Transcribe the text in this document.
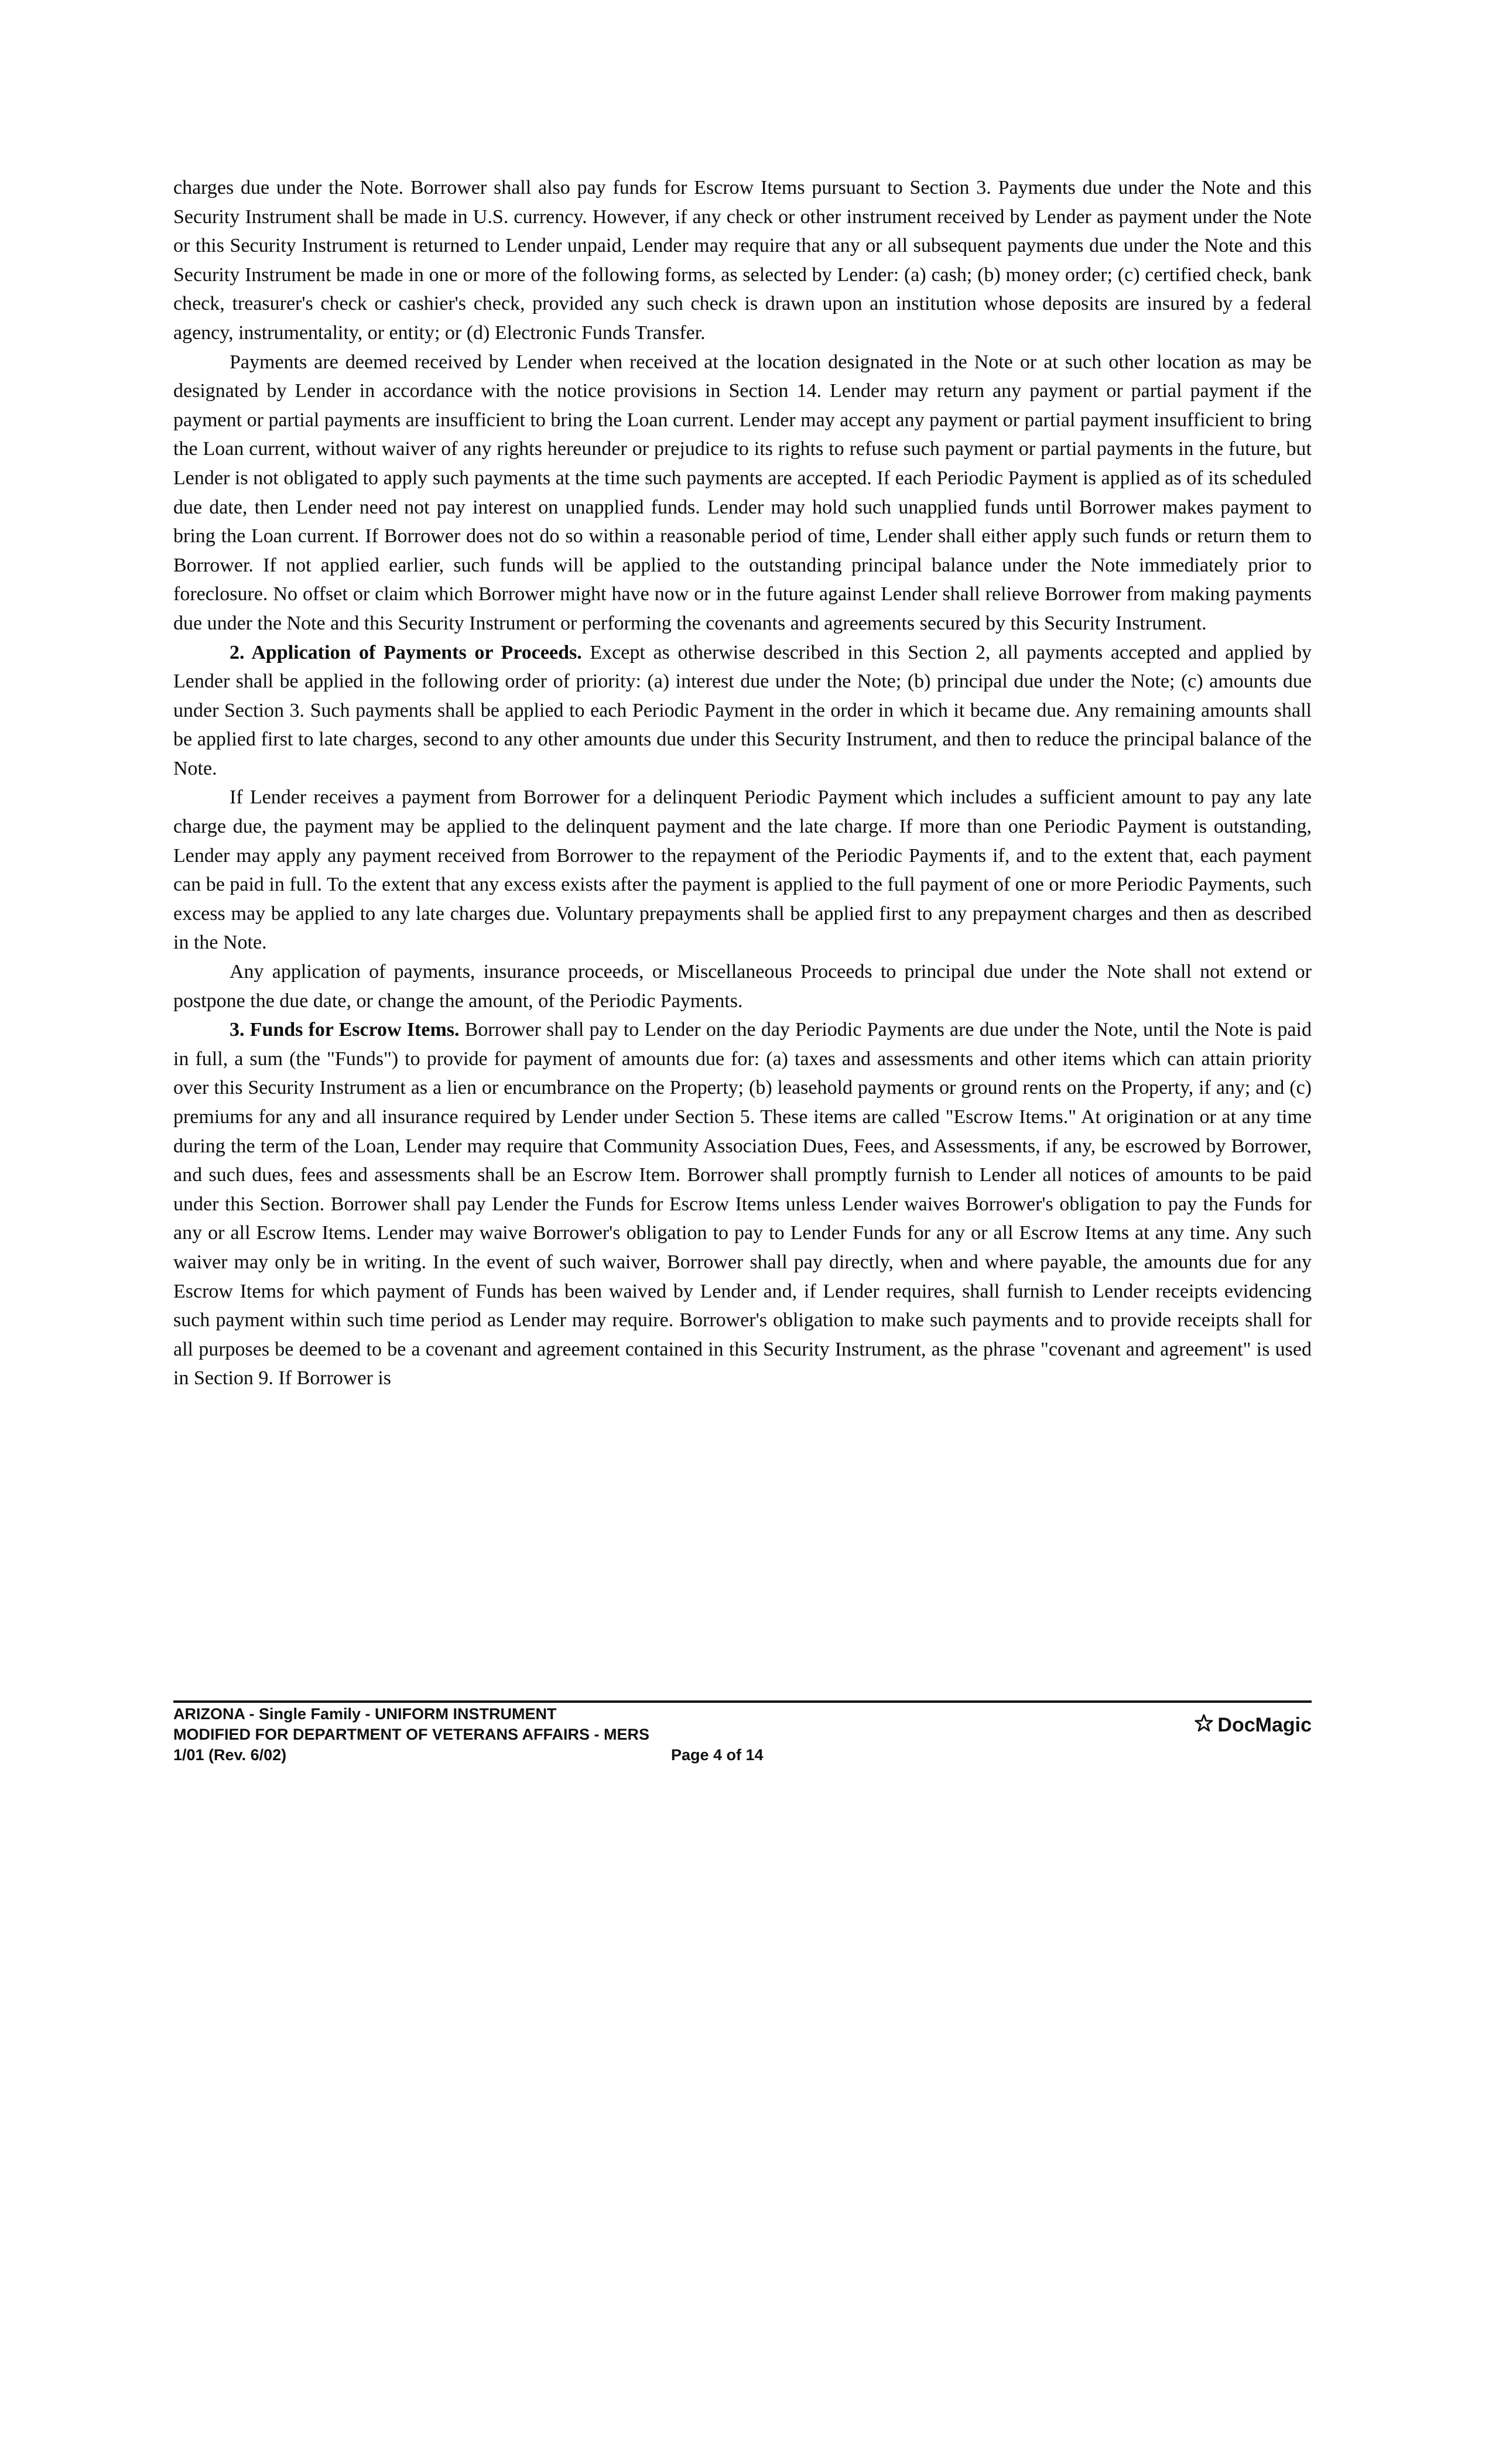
charges due under the Note. Borrower shall also pay funds for Escrow Items pursuant to Section 3. Payments due under the Note and this Security Instrument shall be made in U.S. currency. However, if any check or other instrument received by Lender as payment under the Note or this Security Instrument is returned to Lender unpaid, Lender may require that any or all subsequent payments due under the Note and this Security Instrument be made in one or more of the following forms, as selected by Lender: (a) cash; (b) money order; (c) certified check, bank check, treasurer's check or cashier's check, provided any such check is drawn upon an institution whose deposits are insured by a federal agency, instrumentality, or entity; or (d) Electronic Funds Transfer.

Payments are deemed received by Lender when received at the location designated in the Note or at such other location as may be designated by Lender in accordance with the notice provisions in Section 14. Lender may return any payment or partial payment if the payment or partial payments are insufficient to bring the Loan current. Lender may accept any payment or partial payment insufficient to bring the Loan current, without waiver of any rights hereunder or prejudice to its rights to refuse such payment or partial payments in the future, but Lender is not obligated to apply such payments at the time such payments are accepted. If each Periodic Payment is applied as of its scheduled due date, then Lender need not pay interest on unapplied funds. Lender may hold such unapplied funds until Borrower makes payment to bring the Loan current. If Borrower does not do so within a reasonable period of time, Lender shall either apply such funds or return them to Borrower. If not applied earlier, such funds will be applied to the outstanding principal balance under the Note immediately prior to foreclosure. No offset or claim which Borrower might have now or in the future against Lender shall relieve Borrower from making payments due under the Note and this Security Instrument or performing the covenants and agreements secured by this Security Instrument.

2. Application of Payments or Proceeds. Except as otherwise described in this Section 2, all payments accepted and applied by Lender shall be applied in the following order of priority: (a) interest due under the Note; (b) principal due under the Note; (c) amounts due under Section 3. Such payments shall be applied to each Periodic Payment in the order in which it became due. Any remaining amounts shall be applied first to late charges, second to any other amounts due under this Security Instrument, and then to reduce the principal balance of the Note.

If Lender receives a payment from Borrower for a delinquent Periodic Payment which includes a sufficient amount to pay any late charge due, the payment may be applied to the delinquent payment and the late charge. If more than one Periodic Payment is outstanding, Lender may apply any payment received from Borrower to the repayment of the Periodic Payments if, and to the extent that, each payment can be paid in full. To the extent that any excess exists after the payment is applied to the full payment of one or more Periodic Payments, such excess may be applied to any late charges due. Voluntary prepayments shall be applied first to any prepayment charges and then as described in the Note.

Any application of payments, insurance proceeds, or Miscellaneous Proceeds to principal due under the Note shall not extend or postpone the due date, or change the amount, of the Periodic Payments.

3. Funds for Escrow Items. Borrower shall pay to Lender on the day Periodic Payments are due under the Note, until the Note is paid in full, a sum (the "Funds") to provide for payment of amounts due for: (a) taxes and assessments and other items which can attain priority over this Security Instrument as a lien or encumbrance on the Property; (b) leasehold payments or ground rents on the Property, if any; and (c) premiums for any and all insurance required by Lender under Section 5. These items are called "Escrow Items." At origination or at any time during the term of the Loan, Lender may require that Community Association Dues, Fees, and Assessments, if any, be escrowed by Borrower, and such dues, fees and assessments shall be an Escrow Item. Borrower shall promptly furnish to Lender all notices of amounts to be paid under this Section. Borrower shall pay Lender the Funds for Escrow Items unless Lender waives Borrower's obligation to pay the Funds for any or all Escrow Items. Lender may waive Borrower's obligation to pay to Lender Funds for any or all Escrow Items at any time. Any such waiver may only be in writing. In the event of such waiver, Borrower shall pay directly, when and where payable, the amounts due for any Escrow Items for which payment of Funds has been waived by Lender and, if Lender requires, shall furnish to Lender receipts evidencing such payment within such time period as Lender may require. Borrower's obligation to make such payments and to provide receipts shall for all purposes be deemed to be a covenant and agreement contained in this Security Instrument, as the phrase "covenant and agreement" is used in Section 9. If Borrower is

ARIZONA - Single Family - UNIFORM INSTRUMENT
MODIFIED FOR DEPARTMENT OF VETERANS AFFAIRS - MERS
1/01 (Rev. 6/02)	Page 4 of 14
DocMagic
